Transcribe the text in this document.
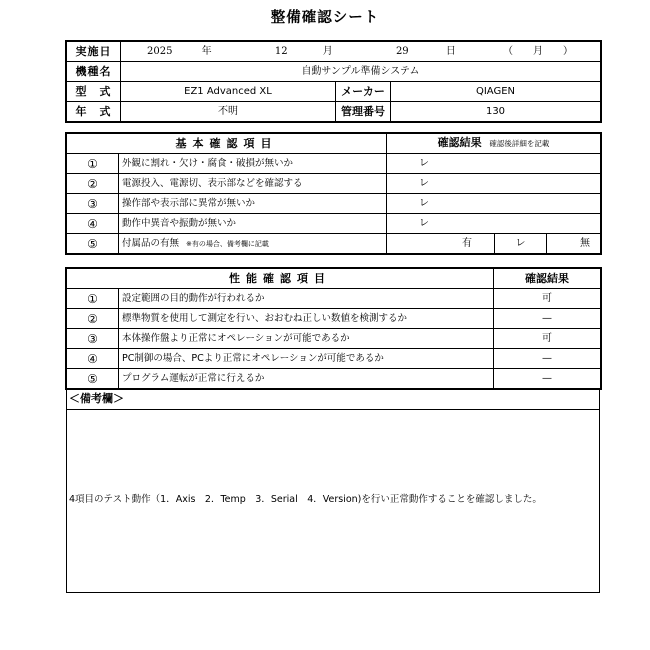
整備確認シート
実施日	2025 年 12 月 29 日 （　　月　　）		
機種名	自動サンプル準備システム		
型　式	EZ1 Advanced XL	メーカー	QIAGEN
年　式	不明	管理番号	130
基本確認項目		確認結果 確認後詳細を記載		
①	外観に割れ・欠け・腐食・破損が無いか	レ		
②	電源投入、電源切、表示部などを確認する	レ		
③	操作部や表示部に異常が無いか	レ		
④	動作中異音や振動が無いか	レ		
⑤	付属品の有無 ※有の場合、備考欄に記載	有	レ	無
性能確認項目		確認結果
①	設定範囲の目的動作が行われるか	可
②	標準物質を使用して測定を行い、おおむね正しい数値を検測するか	—
③	本体操作盤より正常にオペレーションが可能であるか	可
④	PC制御の場合、PCより正常にオペレーションが可能であるか	—
⑤	プログラム運転が正常に行えるか	—
＜備考欄＞
4項目のテスト動作（1．Axis　2．Temp　3．Serial　4．Version)を行い正常動作することを確認しました。
